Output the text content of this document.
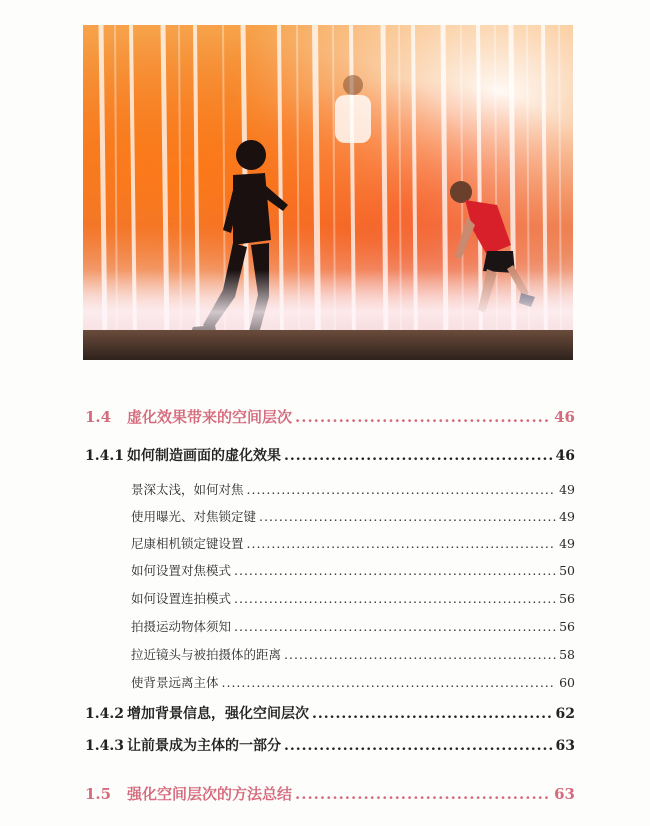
1.4	虚化效果带来的空间层次 .....	46
1.4.1 如何制造画面的虚化效果 .....	46
景深太浅，如何对焦 .....	49
使用曝光、对焦锁定键 .....	49
尼康相机锁定键设置 .....	49
如何设置对焦模式 .....	50
如何设置连拍模式 .....	56
拍摄运动物体须知 .....	56
拉近镜头与被拍摄体的距离 .....	58
使背景远离主体 .....	60
1.4.2 增加背景信息，强化空间层次 .....	62
1.4.3 让前景成为主体的一部分 .....	63
1.5	强化空间层次的方法总结 .....	63
